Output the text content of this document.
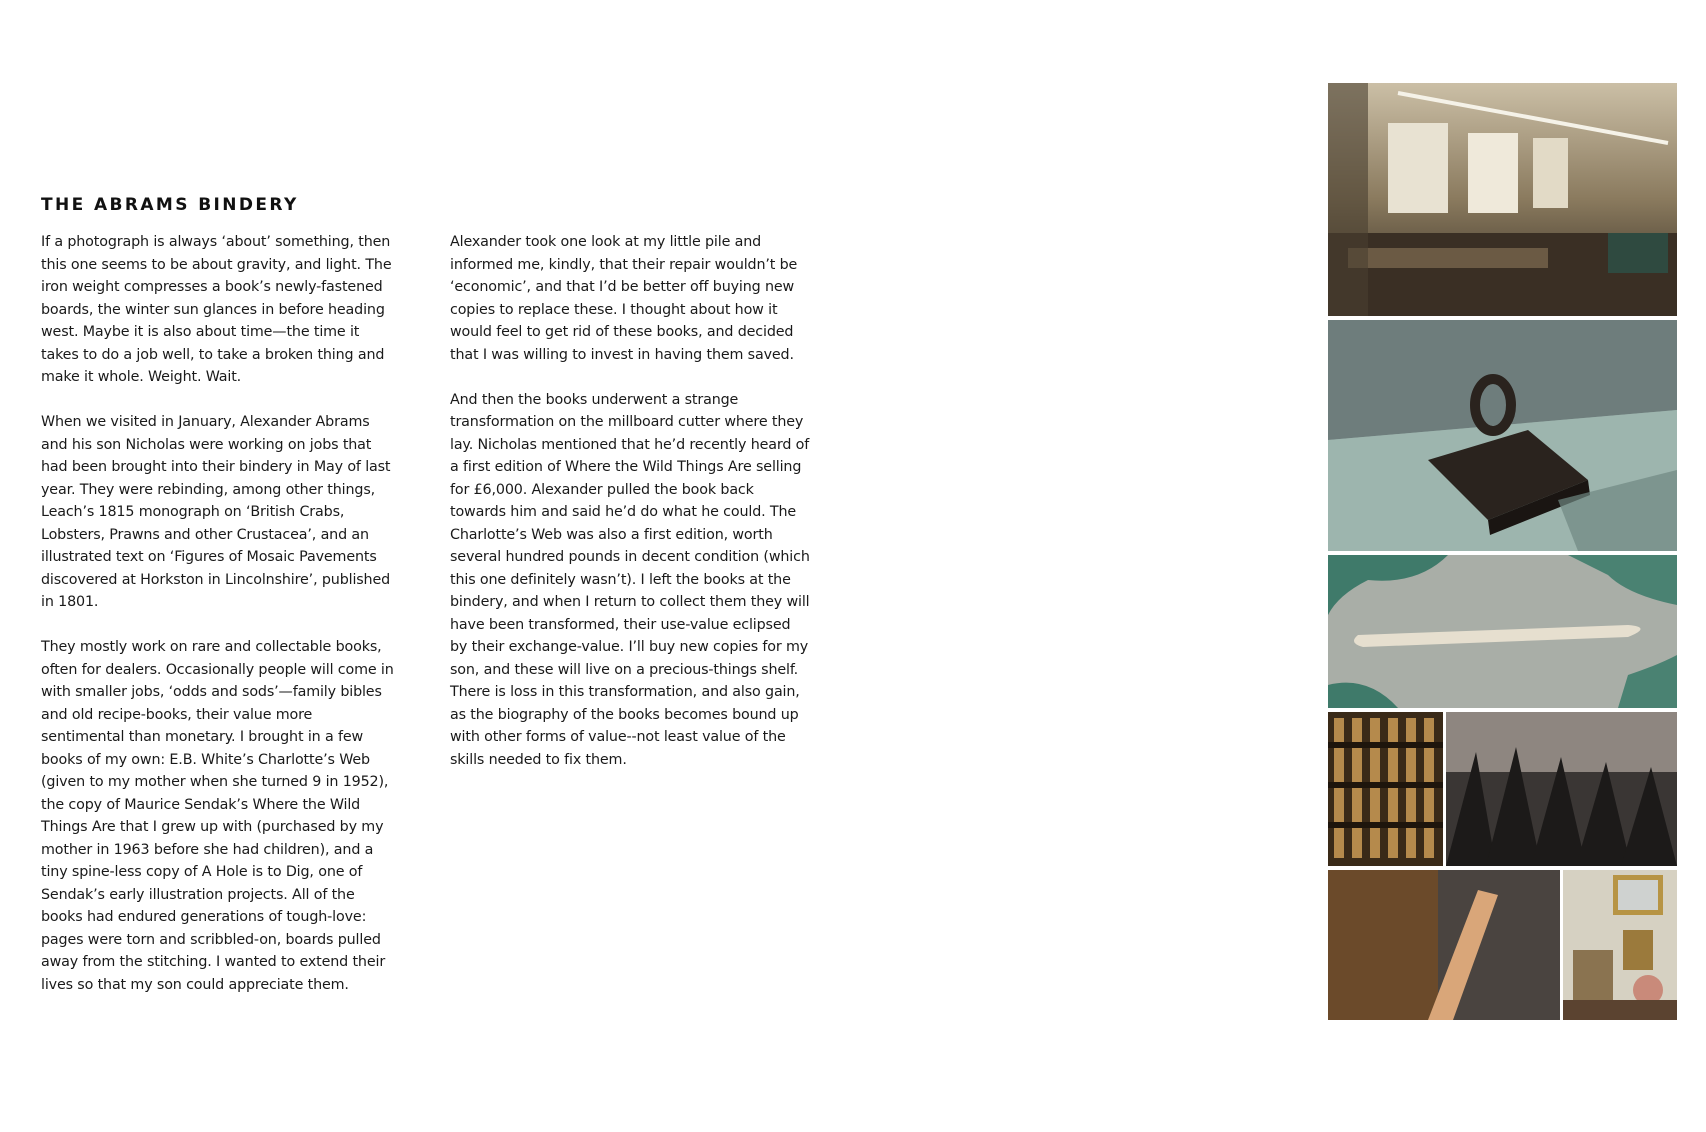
THE ABRAMS BINDERY

If a photograph is always ‘about’ something, then this one seems to be about gravity, and light. The iron weight compresses a book’s newly-fastened boards, the winter sun glances in before heading west. Maybe it is also about time—the time it takes to do a job well, to take a broken thing and make it whole. Weight. Wait.

When we visited in January, Alexander Abrams and his son Nicholas were working on jobs that had been brought into their bindery in May of last year. They were rebinding, among other things, Leach’s 1815 monograph on ‘British Crabs, Lobsters, Prawns and other Crustacea’, and an illustrated text on ‘Figures of Mosaic Pavements discovered at Horkston in Lincolnshire’, published in 1801.

They mostly work on rare and collectable books, often for dealers. Occasionally people will come in with smaller jobs, ‘odds and sods’—family bibles and old recipe-books, their value more sentimental than monetary. I brought in a few books of my own: E.B. White’s Charlotte’s Web (given to my mother when she turned 9 in 1952), the copy of Maurice Sendak’s Where the Wild Things Are that I grew up with (purchased by my mother in 1963 before she had children), and a tiny spine-less copy of A Hole is to Dig, one of Sendak’s early illustration projects. All of the books had endured generations of tough-love: pages were torn and scribbled-on, boards pulled away from the stitching. I wanted to extend their lives so that my son could appreciate them.

Alexander took one look at my little pile and informed me, kindly, that their repair wouldn’t be ‘economic’, and that I’d be better off buying new copies to replace these. I thought about how it would feel to get rid of these books, and decided that I was willing to invest in having them saved.

And then the books underwent a strange transformation on the millboard cutter where they lay. Nicholas mentioned that he’d recently heard of a first edition of Where the Wild Things Are selling for £6,000. Alexander pulled the book back towards him and said he’d do what he could. The Charlotte’s Web was also a first edition, worth several hundred pounds in decent condition (which this one definitely wasn’t). I left the books at the bindery, and when I return to collect them they will have been transformed, their use-value eclipsed by their exchange-value. I’ll buy new copies for my son, and these will live on a precious-things shelf. There is loss in this transformation, and also gain, as the biography of the books becomes bound up with other forms of value--not least value of the skills needed to fix them.
